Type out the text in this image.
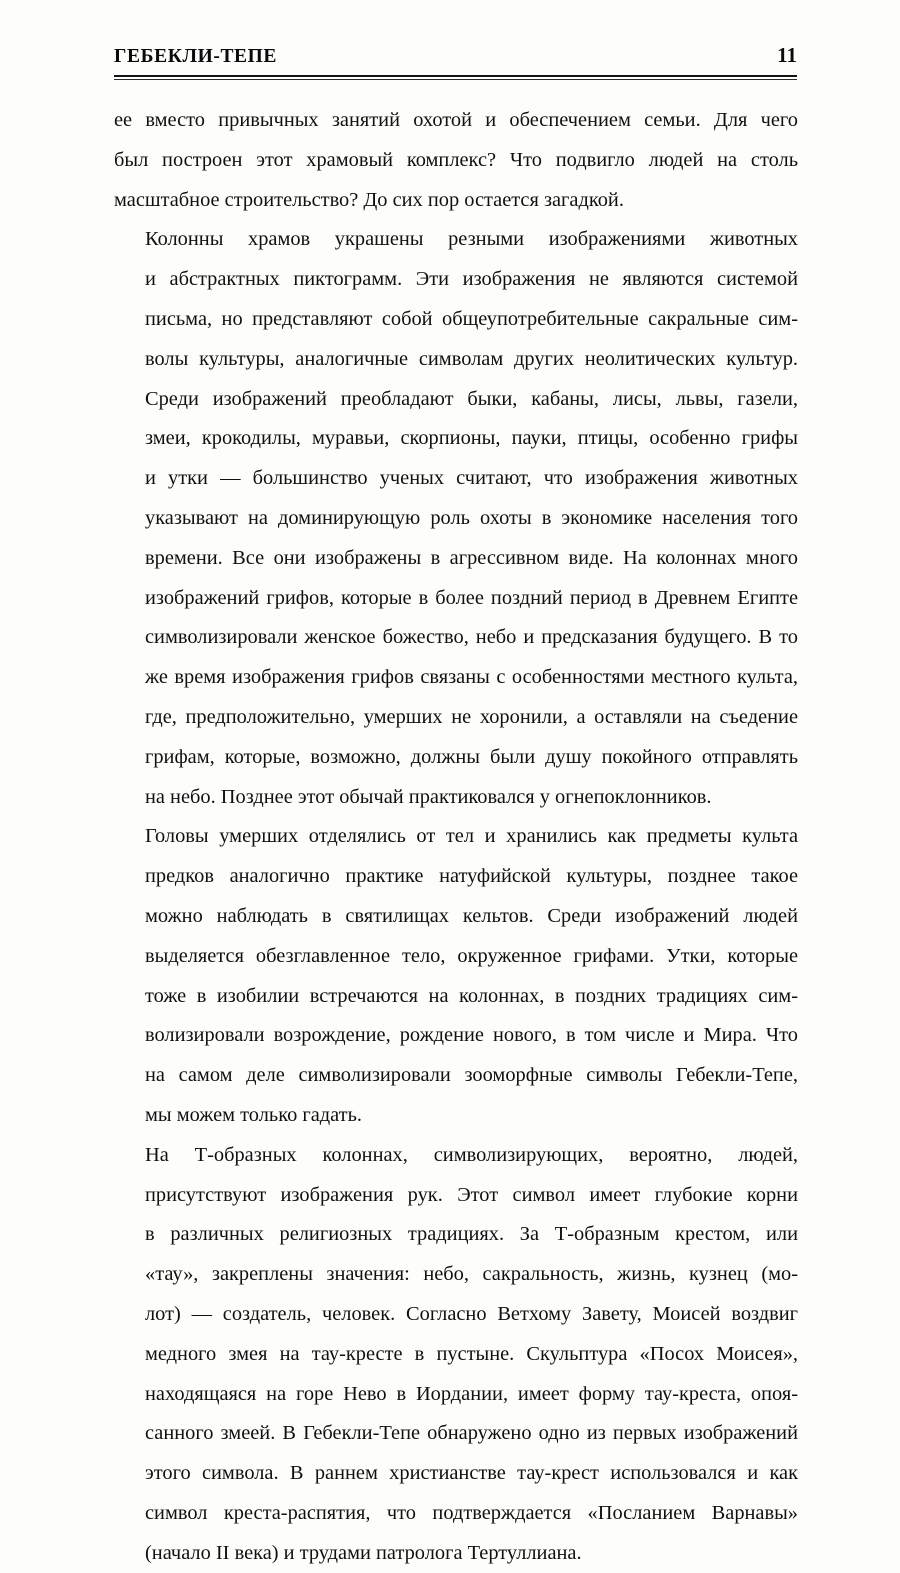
ГЕБЕКЛИ-ТЕПЕ	11

ее вместо привычных занятий охотой и обеспечением семьи. Для чего
был построен этот храмовый комплекс? Что подвигло людей на столь
масштабное строительство? До сих пор остается загадкой.

Колонны храмов украшены резными изображениями животных
и абстрактных пиктограмм. Эти изображения не являются системой
письма, но представляют собой общеупотребительные сакральные сим-
волы культуры, аналогичные символам других неолитических культур.
Среди изображений преобладают быки, кабаны, лисы, львы, газели,
змеи, крокодилы, муравьи, скорпионы, пауки, птицы, особенно грифы
и утки — большинство ученых считают, что изображения животных
указывают на доминирующую роль охоты в экономике населения того
времени. Все они изображены в агрессивном виде. На колоннах много
изображений грифов, которые в более поздний период в Древнем Египте
символизировали женское божество, небо и предсказания будущего. В то
же время изображения грифов связаны с особенностями местного культа,
где, предположительно, умерших не хоронили, а оставляли на съедение
грифам, которые, возможно, должны были душу покойного отправлять
на небо. Позднее этот обычай практиковался у огнепоклонников.

Головы умерших отделялись от тел и хранились как предметы культа
предков аналогично практике натуфийской культуры, позднее такое
можно наблюдать в святилищах кельтов. Среди изображений людей
выделяется обезглавленное тело, окруженное грифами. Утки, которые
тоже в изобилии встречаются на колоннах, в поздних традициях сим-
волизировали возрождение, рождение нового, в том числе и Мира. Что
на самом деле символизировали зооморфные символы Гебекли-Тепе,
мы можем только гадать.

На Т-образных колоннах, символизирующих, вероятно, людей,
присутствуют изображения рук. Этот символ имеет глубокие корни
в различных религиозных традициях. За Т-образным крестом, или
«тау», закреплены значения: небо, сакральность, жизнь, кузнец (мо-
лот) — создатель, человек. Согласно Ветхому Завету, Моисей воздвиг
медного змея на тау-кресте в пустыне. Скульптура «Посох Моисея»,
находящаяся на горе Нево в Иордании, имеет форму тау-креста, опоя-
санного змеей. В Гебекли-Тепе обнаружено одно из первых изображений
этого символа. В раннем христианстве тау-крест использовался и как
символ креста-распятия, что подтверждается «Посланием Варнавы»
(начало II века) и трудами патролога Тертуллиана.
